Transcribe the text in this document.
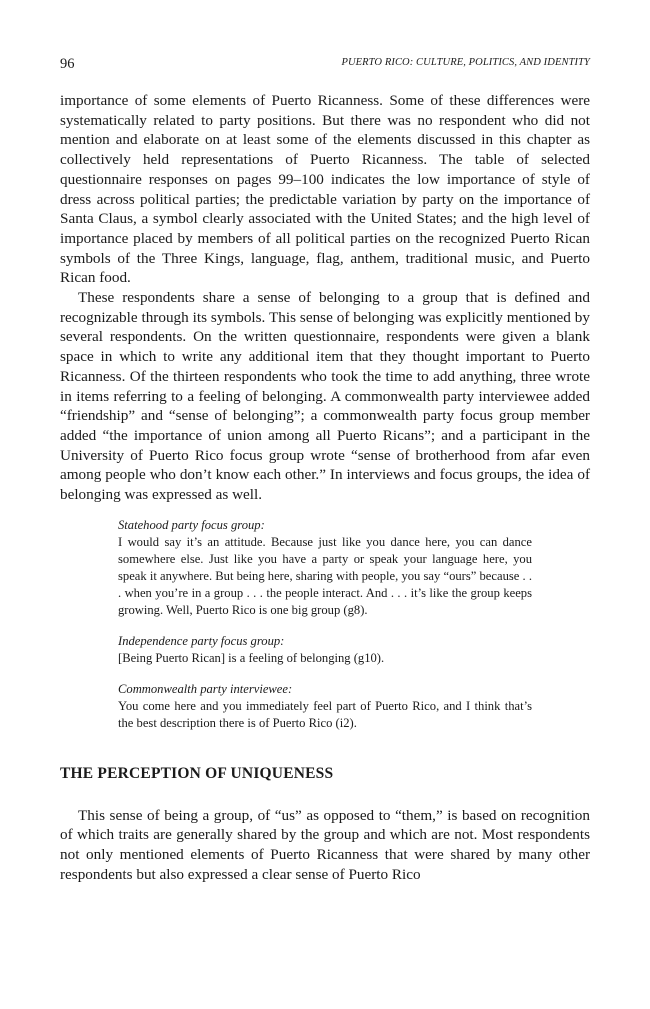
96	PUERTO RICO: CULTURE, POLITICS, AND IDENTITY

importance of some elements of Puerto Ricanness. Some of these differences were systematically related to party positions. But there was no respondent who did not mention and elaborate on at least some of the elements discussed in this chapter as collectively held representations of Puerto Ricanness. The table of selected questionnaire responses on pages 99–100 indicates the low importance of style of dress across political parties; the predictable variation by party on the importance of Santa Claus, a symbol clearly associated with the United States; and the high level of importance placed by members of all political parties on the recognized Puerto Rican symbols of the Three Kings, language, flag, anthem, traditional music, and Puerto Rican food.

These respondents share a sense of belonging to a group that is defined and recognizable through its symbols. This sense of belonging was explicitly mentioned by several respondents. On the written questionnaire, respondents were given a blank space in which to write any additional item that they thought important to Puerto Ricanness. Of the thirteen respondents who took the time to add anything, three wrote in items referring to a feeling of belonging. A commonwealth party interviewee added “friendship” and “sense of belonging”; a commonwealth party focus group member added “the importance of union among all Puerto Ricans”; and a participant in the University of Puerto Rico focus group wrote “sense of brotherhood from afar even among people who don’t know each other.” In interviews and focus groups, the idea of belonging was expressed as well.

Statehood party focus group:
I would say it’s an attitude. Because just like you dance here, you can dance somewhere else. Just like you have a party or speak your language here, you speak it anywhere. But being here, sharing with people, you say “ours” because . . . when you’re in a group . . . the people interact. And . . . it’s like the group keeps growing. Well, Puerto Rico is one big group (g8).
Independence party focus group:
[Being Puerto Rican] is a feeling of belonging (g10).
Commonwealth party interviewee:
You come here and you immediately feel part of Puerto Rico, and I think that’s the best description there is of Puerto Rico (i2).
THE PERCEPTION OF UNIQUENESS

This sense of being a group, of “us” as opposed to “them,” is based on recognition of which traits are generally shared by the group and which are not. Most respondents not only mentioned elements of Puerto Ricanness that were shared by many other respondents but also expressed a clear sense of Puerto Rico
